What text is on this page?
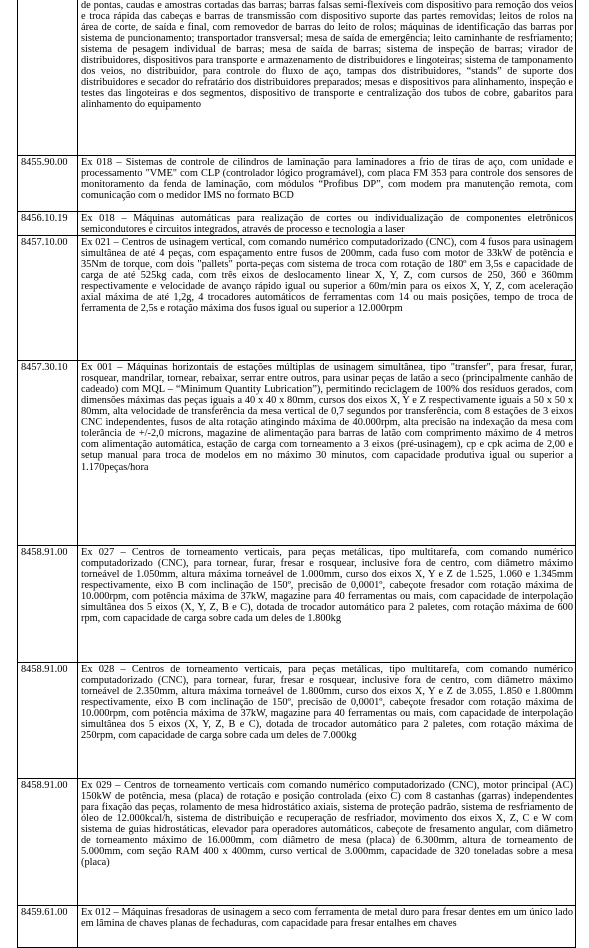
	de pontas, caudas e amostras cortadas das barras; barras falsas semi-flexíveis com dispositivo para remoção dos veios e troca rápida das cabeças e barras de transmissão com dispositivo suporte das partes removidas; leitos de rolos na área de corte, de saída e final, com removedor de barras do leito de rolos; máquinas de identificação das barras por sistema de puncionamento; transportador transversal; mesa de saída de emergência; leito caminhante de resfriamento; sistema de pesagem individual de barras; mesa de saída de barras; sistema de inspeção de barras; virador de distribuidores, dispositivos para transporte e armazenamento de distribuidores e lingoteiras; sistema de tamponamento dos veios, no distribuidor, para controle do fluxo de aço, tampas dos distribuidores, “stands” de suporte dos distribuidores e secador do refratário dos distribuidores preparados; mesas e dispositivos para alinhamento, inspeção e testes das lingoteiras e dos segmentos, dispositivo de transporte e centralização dos tubos de cobre, gabaritos para alinhamento do equipamento
8455.90.00	Ex 018 – Sistemas de controle de cilindros de laminação para laminadores a frio de tiras de aço, com unidade e processamento "VME" com CLP (controlador lógico programável), com placa FM 353 para controle dos sensores de monitoramento da fenda de laminação, com módulos “Profibus DP”, com modem pra manutenção remota, com comunicação com o medidor IMS no formato BCD
8456.10.19	Ex 018 – Máquinas automáticas para realização de cortes ou individualização de componentes eletrônicos semicondutores e circuitos integrados, através de processo e tecnologia a laser
8457.10.00	Ex 021 – Centros de usinagem vertical, com comando numérico computadorizado (CNC), com 4 fusos para usinagem simultânea de até 4 peças, com espaçamento entre fusos de 200mm, cada fuso com motor de 33kW de potência e 35Nm de torque, com dois "pallets" porta-peças com sistema de troca com rotação de 180º em 3,5s e capacidade de carga de até 525kg cada, com três eixos de deslocamento linear X, Y, Z, com cursos de 250, 360 e 360mm respectivamente e velocidade de avanço rápido igual ou superior a 60m/min para os eixos X, Y, Z, com aceleração axial máxima de até 1,2g, 4 trocadores automáticos de ferramentas com 14 ou mais posições, tempo de troca de ferramenta de 2,5s e rotação máxima dos fusos igual ou superior a 12.000rpm
8457.30.10	Ex 001 – Máquinas horizontais de estações múltiplas de usinagem simultânea, tipo "transfer", para fresar, furar, rosquear, mandrilar, tornear, rebaixar, serrar entre outros, para usinar peças de latão a seco (principalmente canhão de cadeado) com MQL – “Minimum Quantity Lubrication”), permitindo reciclagem de 100% dos resíduos gerados, com dimensões máximas das peças iguais a 40 x 40 x 80mm, cursos dos eixos X, Y e Z respectivamente iguais a 50 x 50 x 80mm, alta velocidade de transferência da mesa vertical de 0,7 segundos por transferência, com 8 estações de 3 eixos CNC independentes, fusos de alta rotação atingindo máxima de 40.000rpm, alta precisão na indexação da mesa com tolerância de +/-2,0 mícrons, magazine de alimentação para barras de latão com comprimento máximo de 4 metros com alimentação automática, estação de carga com torneamento a 3 eixos (pré-usinagem), cp e cpk acima de 2,00 e setup manual para troca de modelos em no máximo 30 minutos, com capacidade produtiva igual ou superior a 1.170peças/hora
8458.91.00	Ex 027 – Centros de torneamento verticais, para peças metálicas, tipo multitarefa, com comando numérico computadorizado (CNC), para tornear, furar, fresar e rosquear, inclusive fora de centro, com diâmetro máximo torneável de 1.050mm, altura máxima torneável de 1.000mm, curso dos eixos X, Y e Z de 1.525, 1.060 e 1.345mm respectivamente, eixo B com inclinação de 150º, precisão de 0,0001º, cabeçote fresador com rotação máxima de 10.000rpm, com potência máxima de 37kW, magazine para 40 ferramentas ou mais, com capacidade de interpolação simultânea dos 5 eixos (X, Y, Z, B e C), dotada de trocador automático para 2 paletes, com rotação máxima de 600 rpm, com capacidade de carga sobre cada um deles de 1.800kg
8458.91.00	Ex 028 – Centros de torneamento verticais, para peças metálicas, tipo multitarefa, com comando numérico computadorizado (CNC), para tornear, furar, fresar e rosquear, inclusive fora de centro, com diâmetro máximo torneável de 2.350mm, altura máxima torneável de 1.800mm, curso dos eixos X, Y e Z de 3.055, 1.850 e 1.800mm respectivamente, eixo B com inclinação de 150º, precisão de 0,0001º, cabeçote fresador com rotação máxima de 10.000rpm, com potência máxima de 37kW, magazine para 40 ferramentas ou mais, com capacidade de interpolação simultânea dos 5 eixos (X, Y, Z, B e C), dotada de trocador automático para 2 paletes, com rotação máxima de 250rpm, com capacidade de carga sobre cada um deles de 7.000kg
8458.91.00	Ex 029 – Centros de torneamento verticais com comando numérico computadorizado (CNC), motor principal (AC) 150kW de potência, mesa (placa) de rotação e posição controlada (eixo C) com 8 castanhas (garras) independentes para fixação das peças, rolamento de mesa hidrostático axiais, sistema de proteção padrão, sistema de resfriamento de óleo de 12.000kcal/h, sistema de distribuição e recuperação de resfriador, movimento dos eixos X, Z, C e W com sistema de guias hidrostáticas, elevador para operadores automáticos, cabeçote de fresamento angular, com diâmetro de torneamento máximo de 16.000mm, com diâmetro de mesa (placa) de 6.300mm, altura de torneamento de 5.000mm, com seção RAM 400 x 400mm, curso vertical de 3.000mm, capacidade de 320 toneladas sobre a mesa (placa)
8459.61.00	Ex 012 – Máquinas fresadoras de usinagem a seco com ferramenta de metal duro para fresar dentes em um único lado em lâmina de chaves planas de fechaduras, com capacidade para fresar entalhes em chaves
